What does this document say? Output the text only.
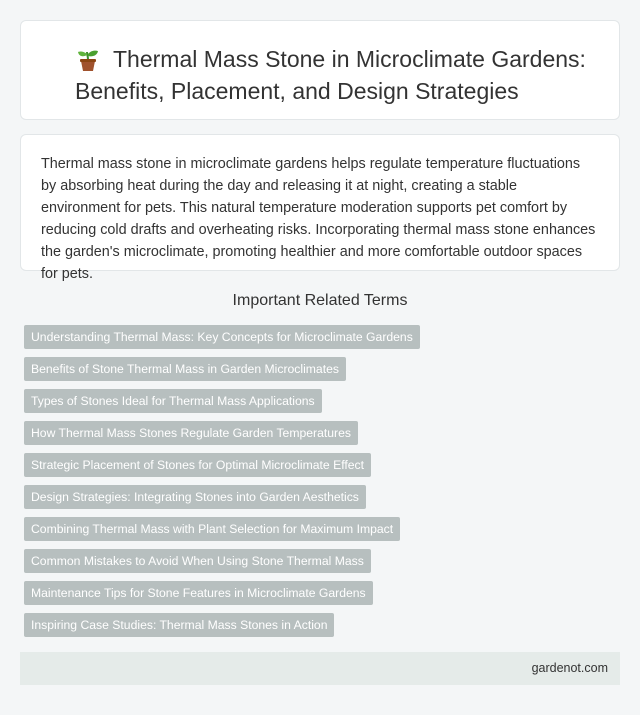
Thermal Mass Stone in Microclimate Gardens:
Benefits, Placement, and Design Strategies

Thermal mass stone in microclimate gardens helps regulate temperature fluctuations by absorbing heat during the day and releasing it at night, creating a stable environment for pets. This natural temperature moderation supports pet comfort by reducing cold drafts and overheating risks. Incorporating thermal mass stone enhances the garden's microclimate, promoting healthier and more comfortable outdoor spaces for pets.

Important Related Terms
Understanding Thermal Mass: Key Concepts for Microclimate Gardens
Benefits of Stone Thermal Mass in Garden Microclimates
Types of Stones Ideal for Thermal Mass Applications
How Thermal Mass Stones Regulate Garden Temperatures
Strategic Placement of Stones for Optimal Microclimate Effect
Design Strategies: Integrating Stones into Garden Aesthetics
Combining Thermal Mass with Plant Selection for Maximum Impact
Common Mistakes to Avoid When Using Stone Thermal Mass
Maintenance Tips for Stone Features in Microclimate Gardens
Inspiring Case Studies: Thermal Mass Stones in Action
gardenot.com
